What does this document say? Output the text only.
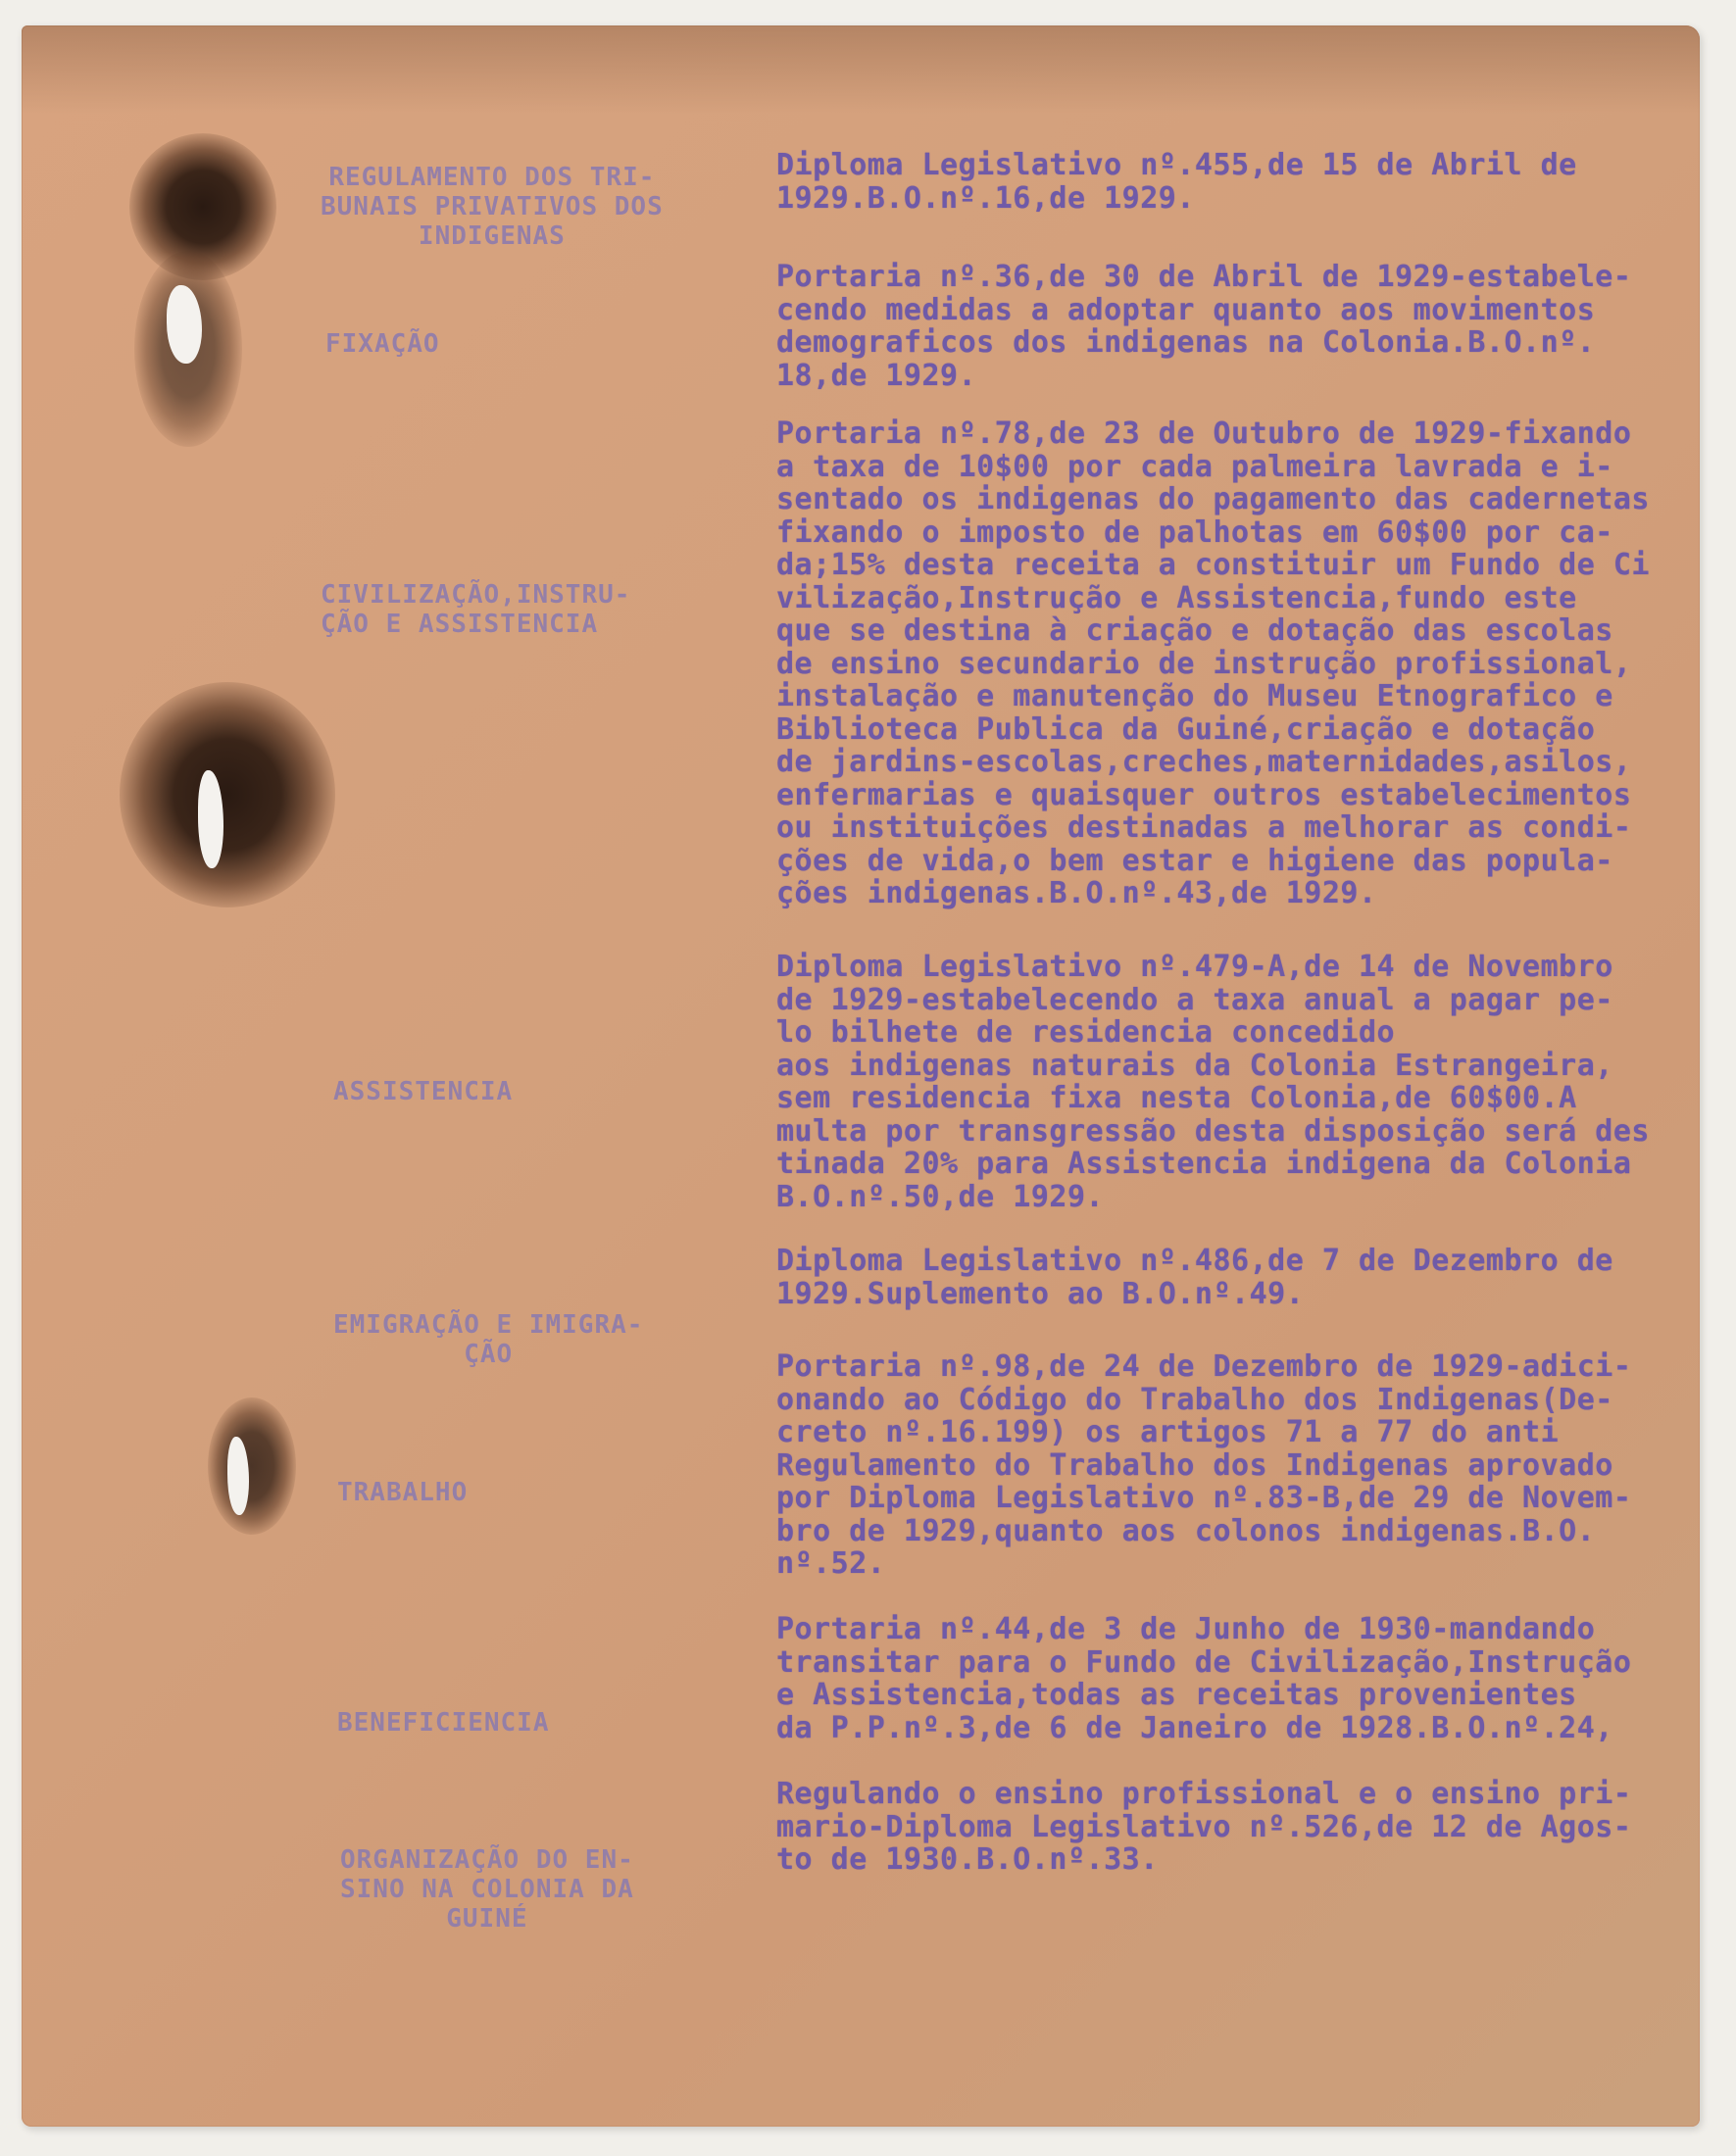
REGULAMENTO DOS TRI-
BUNAIS PRIVATIVOS DOS
INDIGENAS
FIXAÇÃO
CIVILIZAÇÃO,INSTRU-
ÇÃO E ASSISTENCIA
ASSISTENCIA
EMIGRAÇÃO E IMIGRA-
ÇÃO
TRABALHO
BENEFICIENCIA
ORGANIZAÇÃO DO EN-
SINO NA COLONIA DA
GUINÉ
Diploma Legislativo nº.455,de 15 de Abril de
1929.B.O.nº.16,de 1929.
Portaria nº.36,de 30 de Abril de 1929-estabele-
cendo medidas a adoptar quanto aos movimentos
demograficos dos indigenas na Colonia.B.O.nº.
18,de 1929.
Portaria nº.78,de 23 de Outubro de 1929-fixando
a taxa de 10$00 por cada palmeira lavrada e i-
sentado os indigenas do pagamento das cadernetas
fixando o imposto de palhotas em 60$00 por ca-
da;15% desta receita a constituir um Fundo de Ci
vilização,Instrução e Assistencia,fundo este
que se destina à criação e dotação das escolas
de ensino secundario de instrução profissional,
instalação e manutenção do Museu Etnografico e
Biblioteca Publica da Guiné,criação e dotação
de jardins-escolas,creches,maternidades,asilos,
enfermarias e quaisquer outros estabelecimentos
ou instituições destinadas a melhorar as condi-
ções de vida,o bem estar e higiene das popula-
ções indigenas.B.O.nº.43,de 1929.
Diploma Legislativo nº.479-A,de 14 de Novembro
de 1929-estabelecendo a taxa anual a pagar pe-
lo bilhete de residencia concedido
aos indigenas naturais da Colonia Estrangeira,
sem residencia fixa nesta Colonia,de 60$00.A
multa por transgressão desta disposição será des
tinada 20% para Assistencia indigena da Colonia
B.O.nº.50,de 1929.
Diploma Legislativo nº.486,de 7 de Dezembro de
1929.Suplemento ao B.O.nº.49.
Portaria nº.98,de 24 de Dezembro de 1929-adici-
onando ao Código do Trabalho dos Indigenas(De-
creto nº.16.199) os artigos 71 a 77 do anti
Regulamento do Trabalho dos Indigenas aprovado
por Diploma Legislativo nº.83-B,de 29 de Novem-
bro de 1929,quanto aos colonos indigenas.B.O.
nº.52.
Portaria nº.44,de 3 de Junho de 1930-mandando
transitar para o Fundo de Civilização,Instrução
e Assistencia,todas as receitas provenientes
da P.P.nº.3,de 6 de Janeiro de 1928.B.O.nº.24,
Regulando o ensino profissional e o ensino pri-
mario-Diploma Legislativo nº.526,de 12 de Agos-
to de 1930.B.O.nº.33.
